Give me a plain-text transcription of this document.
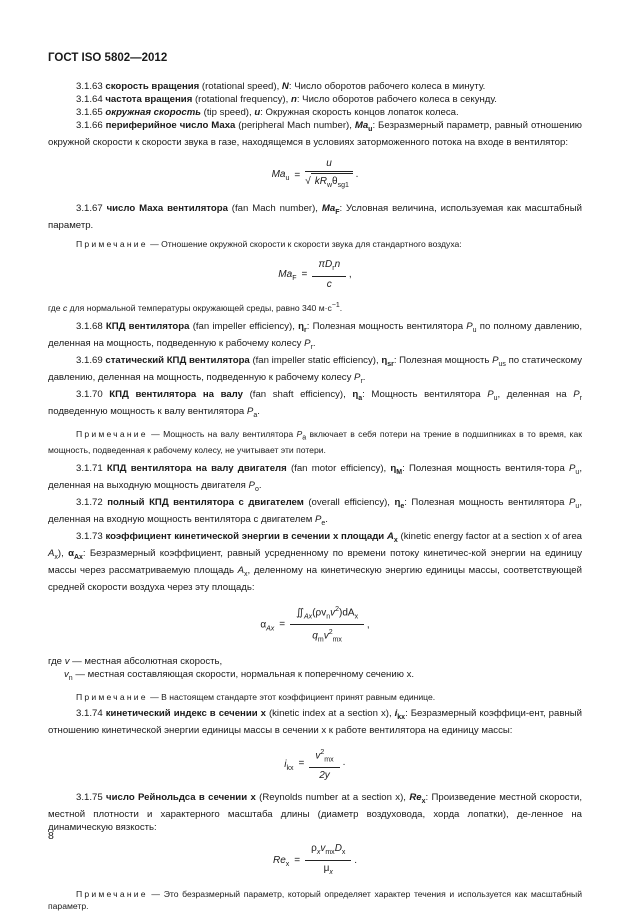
ГОСТ ISO 5802—2012

3.1.63 скорость вращения (rotational speed), N: Число оборотов рабочего колеса в минуту.

3.1.64 частота вращения (rotational frequency), n: Число оборотов рабочего колеса в секунду.

3.1.65 окружная скорость (tip speed), u: Окружная скорость концов лопаток колеса.

3.1.66 периферийное число Маха (peripheral Mach number), $Ma_u$: Безразмерный параметр, равный отношению окружной скорости к скорости звука в газе, находящемся в условиях заторможенного потока на входе в вентилятор:

$Ma_u = \frac{u}{√ kR_w\theta_{sg1}}$ .

3.1.67 число Маха вентилятора (fan Mach number), $Ma_F$: Условная величина, используемая как масштабный параметр.

Примечание — Отношение окружной скорости к скорости звука для стандартного воздуха:

$Ma_F = \frac{\pi D_rn}{c}$ ,

где c для нормальной температуры окружающей среды, равно 340 $м\cdot с^{-1}$.

3.1.68 КПД вентилятора (fan impeller efficiency), $\eta_r$: Полезная мощность вентилятора $P_u$ по полному давлению, деленная на мощность, подведенную к рабочему колесу $P_r$.

3.1.69 статический КПД вентилятора (fan impeller static efficiency), $\eta_{sr}$: Полезная мощность $P_{us}$ по статическому давлению, деленная на мощность, подведенную к рабочему колесу $P_r$.

3.1.70 КПД вентилятора на валу (fan shaft efficiency), $\eta_a$: Мощность вентилятора $P_u$, деленная на $P_r$ подведенную мощность к валу вентилятора $P_a$.

Примечание — Мощность на валу вентилятора $P_a$ включает в себя потери на трение в подшипниках в то время, как мощность, подведенная к рабочему колесу, не учитывает эти потери.

3.1.71 КПД вентилятора на валу двигателя (fan motor efficiency), $\eta_M$: Полезная мощность вентиля-тора $P_u$, деленная на выходную мощность двигателя $P_o$.

3.1.72 полный КПД вентилятора с двигателем (overall efficiency), $\eta_e$: Полезная мощность вентилятора $P_u$, деленная на входную мощность вентилятора с двигателем $P_e$.

3.1.73 коэффициент кинетической энергии в сечении х площади $A_x$ (kinetic energy factor at a section x of area $A_x$), $\alpha_{Ax}$: Безразмерный коэффициент, равный усредненному по времени потоку кинетичес-кой энергии на единицу массы через рассматриваемую площадь $A_x$, деленному на кинетическую энергию единицы массы, соответствующей средней скорости воздуха через эту площадь:

$\alpha_{Ax} = \frac{∬_{Ax}(\rho v_nv^2)dA_x}{q_mv^2_{mx}}$ ,

где v — местная абсолютная скорость,

$v_n$ — местная составляющая скорости, нормальная к поперечному сечению х.

Примечание — В настоящем стандарте этот коэффициент принят равным единице.

3.1.74 кинетический индекс в сечении х (kinetic index at a section x), $i_{kx}$: Безразмерный коэффици-ент, равный отношению кинетической энергии единицы массы в сечении х к работе вентилятора на единицу массы:

$i_{kx} = \frac{v^2_{mx}}{2y}$ ·

3.1.75 число Рейнольдса в сечении х (Reynolds number at a section x), $Re_x$: Произведение местной скорости, местной плотности и характерного масштаба длины (диаметр воздуховода, хорда лопатки), де-ленное на динамическую вязкость:

$Re_x = \frac{\rho_xv_{mx}D_x}{\mu_x}$ .

Примечание — Это безразмерный параметр, который определяет характер течения и используется как масштабный параметр.

8
